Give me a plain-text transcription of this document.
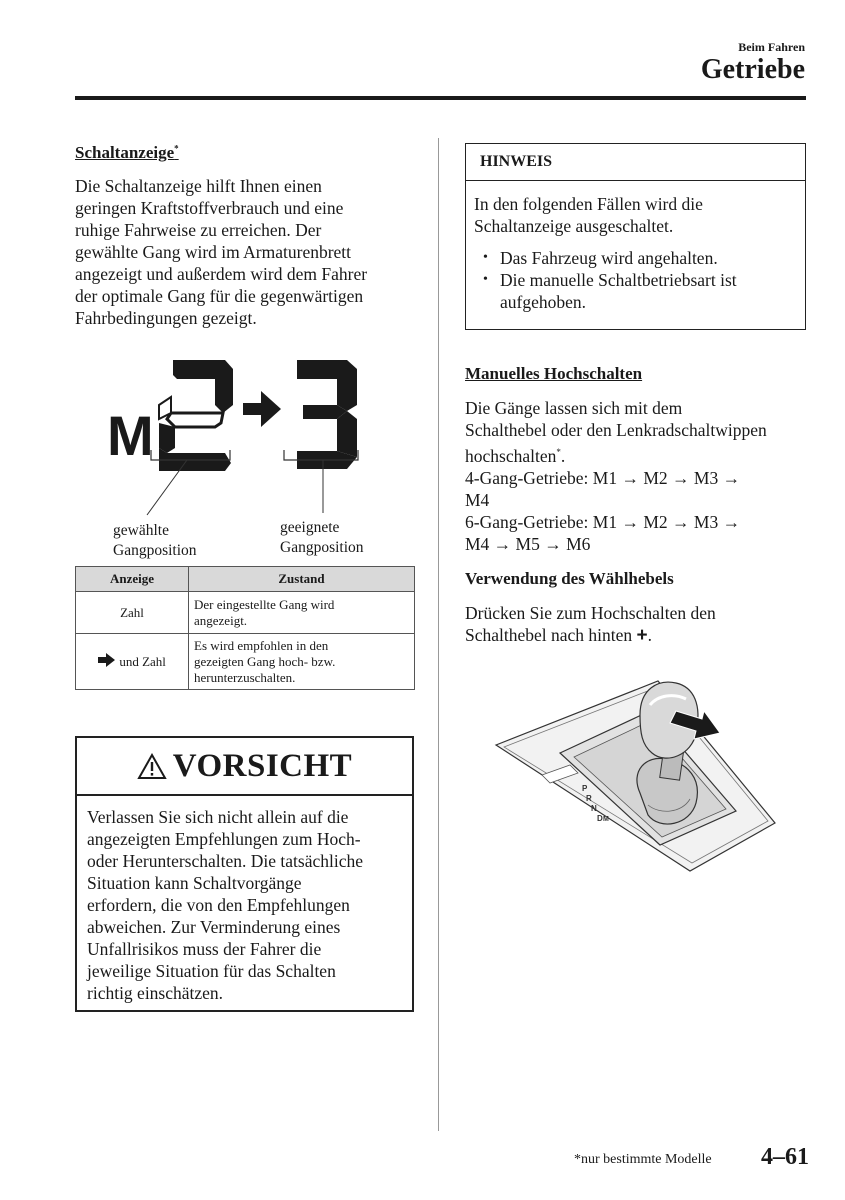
Beim Fahren
Getriebe
Schaltanzeige*
Die Schaltanzeige hilft Ihnen einen
geringen Kraftstoffverbrauch und eine
ruhige Fahrweise zu erreichen. Der
gewählte Gang wird im Armaturenbrett
angezeigt und außerdem wird dem Fahrer
der optimale Gang für die gegenwärtigen
Fahrbedingungen gezeigt.
M
gewählte
Gangposition
geeignete
Gangposition
Anzeige	Zustand
Zahl	Der eingestellte Gang wird
angezeigt.

und Zahl	Es wird empfohlen in den
gezeigten Gang hoch- bzw.
herunterzuschalten.
VORSICHT
Verlassen Sie sich nicht allein auf die
angezeigten Empfehlungen zum Hoch-
oder Herunterschalten. Die tatsächliche
Situation kann Schaltvorgänge
erfordern, die von den Empfehlungen
abweichen. Zur Verminderung eines
Unfallrisikos muss der Fahrer die
jeweilige Situation für das Schalten
richtig einschätzen.
HINWEIS
In den folgenden Fällen wird die
Schaltanzeige ausgeschaltet.
• Das Fahrzeug wird angehalten.
• Die manuelle Schaltbetriebsart ist
aufgehoben.
Manuelles Hochschalten
Die Gänge lassen sich mit dem
Schalthebel oder den Lenkradschaltwippen
hochschalten*.
4-Gang-Getriebe: M1 → M2 → M3 →
M4
6-Gang-Getriebe: M1 → M2 → M3 →
M4 → M5 → M6
Verwendung des Wählhebels
Drücken Sie zum Hochschalten den
Schalthebel nach hinten +.
P
R
N
D M
*nur bestimmte Modelle 4–61
